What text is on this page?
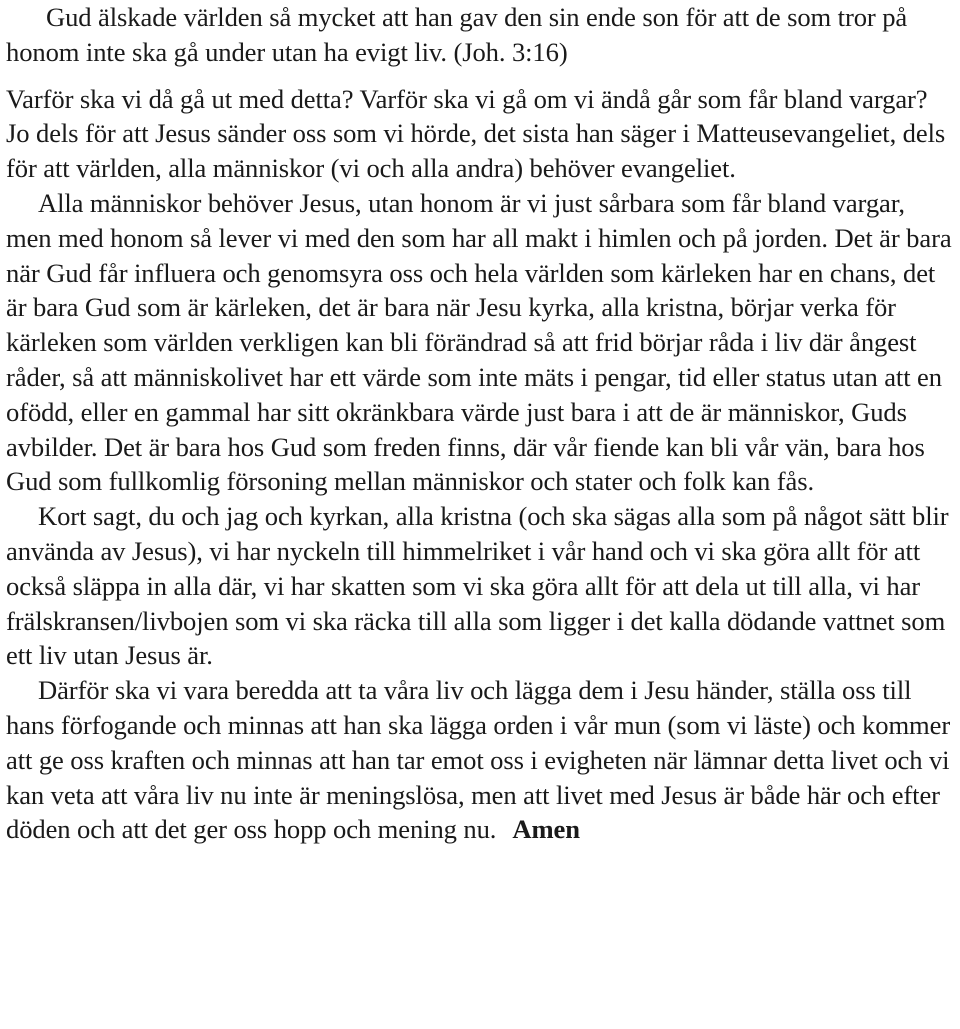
Gud älskade världen så mycket att han gav den sin ende son för att de som tror på honom inte ska gå under utan ha evigt liv. (Joh. 3:16)

Varför ska vi då gå ut med detta? Varför ska vi gå om vi ändå går som får bland vargar? Jo dels för att Jesus sänder oss som vi hörde, det sista han säger i Matteusevangeliet, dels för att världen, alla människor (vi och alla andra) behöver evangeliet.

Alla människor behöver Jesus, utan honom är vi just sårbara som får bland vargar, men med honom så lever vi med den som har all makt i himlen och på jorden. Det är bara när Gud får influera och genomsyra oss och hela världen som kärleken har en chans, det är bara Gud som är kärleken, det är bara när Jesu kyrka, alla kristna, börjar verka för kärleken som världen verkligen kan bli förändrad så att frid börjar råda i liv där ångest råder, så att människolivet har ett värde som inte mäts i pengar, tid eller status utan att en ofödd, eller en gammal har sitt okränkbara värde just bara i att de är människor, Guds avbilder. Det är bara hos Gud som freden finns, där vår fiende kan bli vår vän, bara hos Gud som fullkomlig försoning mellan människor och stater och folk kan fås.

Kort sagt, du och jag och kyrkan, alla kristna (och ska sägas alla som på något sätt blir använda av Jesus), vi har nyckeln till himmelriket i vår hand och vi ska göra allt för att också släppa in alla där, vi har skatten som vi ska göra allt för att dela ut till alla, vi har frälskransen/livbojen som vi ska räcka till alla som ligger i det kalla dödande vattnet som ett liv utan Jesus är.

Därför ska vi vara beredda att ta våra liv och lägga dem i Jesu händer, ställa oss till hans förfogande och minnas att han ska lägga orden i vår mun (som vi läste) och kommer att ge oss kraften och minnas att han tar emot oss i evigheten när lämnar detta livet och vi kan veta att våra liv nu inte är meningslösa, men att livet med Jesus är både här och efter döden och att det ger oss hopp och mening nu. Amen
